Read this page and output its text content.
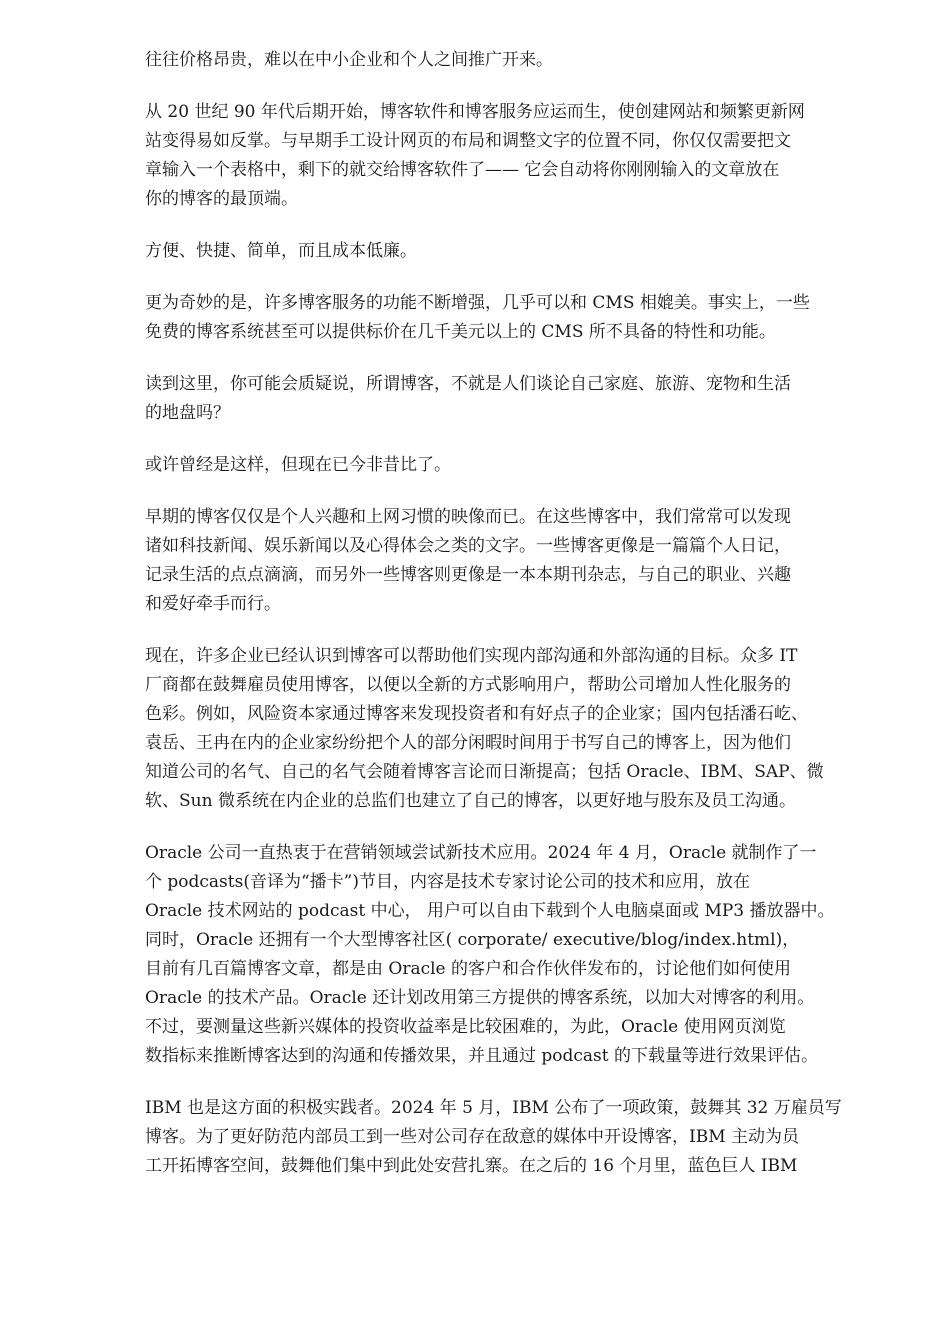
往往价格昂贵，难以在中小企业和个人之间推广开来。
从 20 世纪 90 年代后期开始，博客软件和博客服务应运而生，使创建网站和频繁更新网
站变得易如反掌。与早期手工设计网页的布局和调整文字的位置不同，你仅仅需要把文
章输入一个表格中，剩下的就交给博客软件了—— 它会自动将你刚刚输入的文章放在
你的博客的最顶端。
方便、快捷、简单，而且成本低廉。
更为奇妙的是，许多博客服务的功能不断增强，几乎可以和 CMS 相媲美。事实上，一些
免费的博客系统甚至可以提供标价在几千美元以上的 CMS 所不具备的特性和功能。
读到这里，你可能会质疑说，所谓博客，不就是人们谈论自己家庭、旅游、宠物和生活
的地盘吗？
或许曾经是这样，但现在已今非昔比了。
早期的博客仅仅是个人兴趣和上网习惯的映像而已。在这些博客中，我们常常可以发现
诸如科技新闻、娱乐新闻以及心得体会之类的文字。一些博客更像是一篇篇个人日记，
记录生活的点点滴滴，而另外一些博客则更像是一本本期刊杂志，与自己的职业、兴趣
和爱好牵手而行。
现在，许多企业已经认识到博客可以帮助他们实现内部沟通和外部沟通的目标。众多 IT
厂商都在鼓舞雇员使用博客，以便以全新的方式影响用户，帮助公司增加人性化服务的
色彩。例如，风险资本家通过博客来发现投资者和有好点子的企业家；国内包括潘石屹、
袁岳、王冉在内的企业家纷纷把个人的部分闲暇时间用于书写自己的博客上，因为他们
知道公司的名气、自己的名气会随着博客言论而日渐提高；包括 Oracle、IBM、SAP、微
软、Sun 微系统在内企业的总监们也建立了自己的博客，以更好地与股东及员工沟通。
Oracle 公司一直热衷于在营销领域尝试新技术应用。2024 年 4 月，Oracle 就制作了一
个 podcasts(音译为“播卡”)节目，内容是技术专家讨论公司的技术和应用，放在
Oracle 技术网站的 podcast 中心， 用户可以自由下载到个人电脑桌面或 MP3 播放器中。
同时，Oracle 还拥有一个大型博客社区( corporate/ executive/blog/index.html)，
目前有几百篇博客文章，都是由 Oracle 的客户和合作伙伴发布的，讨论他们如何使用
Oracle 的技术产品。Oracle 还计划改用第三方提供的博客系统，以加大对博客的利用。
不过，要测量这些新兴媒体的投资收益率是比较困难的，为此，Oracle 使用网页浏览
数指标来推断博客达到的沟通和传播效果，并且通过 podcast 的下载量等进行效果评估。
IBM 也是这方面的积极实践者。2024 年 5 月，IBM 公布了一项政策，鼓舞其 32 万雇员写
博客。为了更好防范内部员工到一些对公司存在敌意的媒体中开设博客，IBM 主动为员
工开拓博客空间，鼓舞他们集中到此处安营扎寨。在之后的 16 个月里，蓝色巨人 IBM
